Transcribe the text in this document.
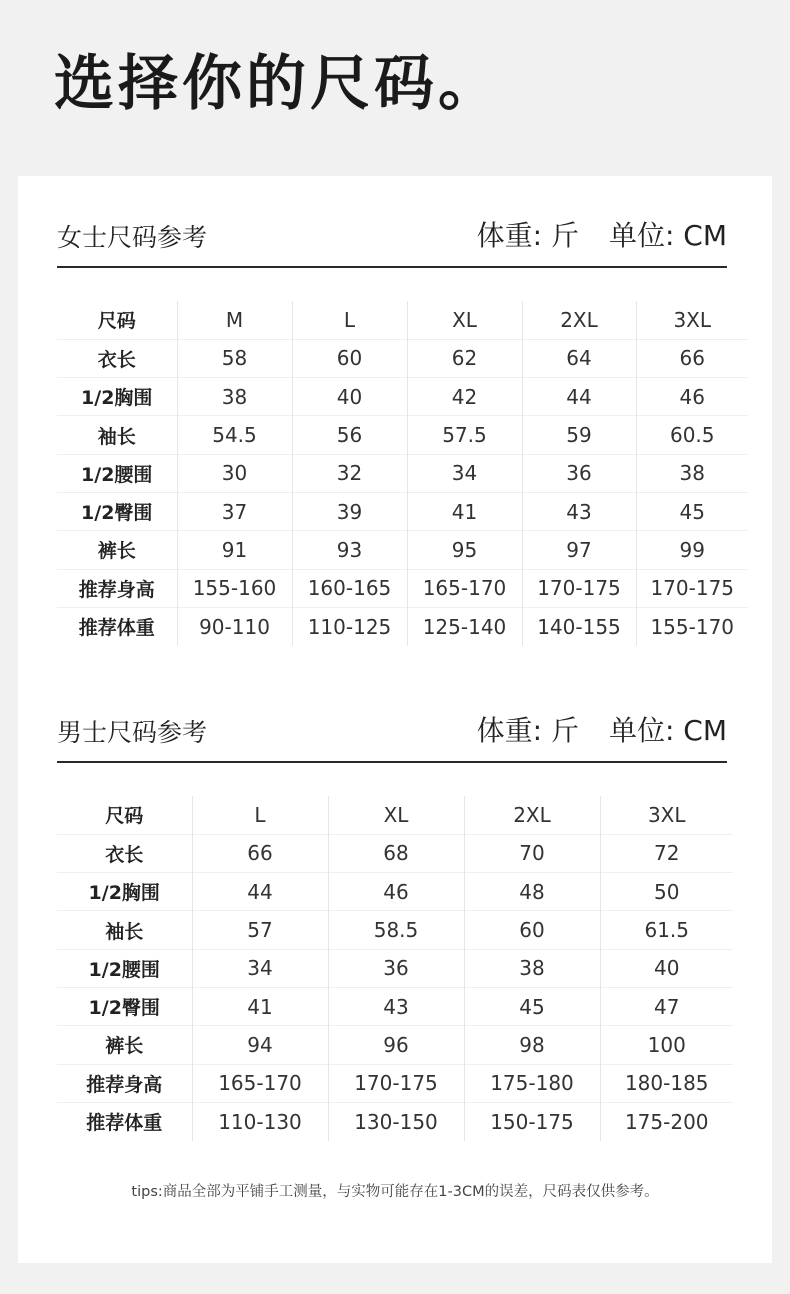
选择你的尺码。
女士尺码参考	体重: 斤 单位: CM
尺码	M	L	XL	2XL	3XL
衣长	58	60	62	64	66
1/2胸围	38	40	42	44	46
袖长	54.5	56	57.5	59	60.5
1/2腰围	30	32	34	36	38
1/2臀围	37	39	41	43	45
裤长	91	93	95	97	99
推荐身高	155-160	160-165	165-170	170-175	170-175
推荐体重	90-110	110-125	125-140	140-155	155-170
男士尺码参考	体重: 斤 单位: CM
尺码	L	XL	2XL	3XL
衣长	66	68	70	72
1/2胸围	44	46	48	50
袖长	57	58.5	60	61.5
1/2腰围	34	36	38	40
1/2臀围	41	43	45	47
裤长	94	96	98	100
推荐身高	165-170	170-175	175-180	180-185
推荐体重	110-130	130-150	150-175	175-200
tips:商品全部为平铺手工测量，与实物可能存在1-3CM的误差，尺码表仅供参考。
